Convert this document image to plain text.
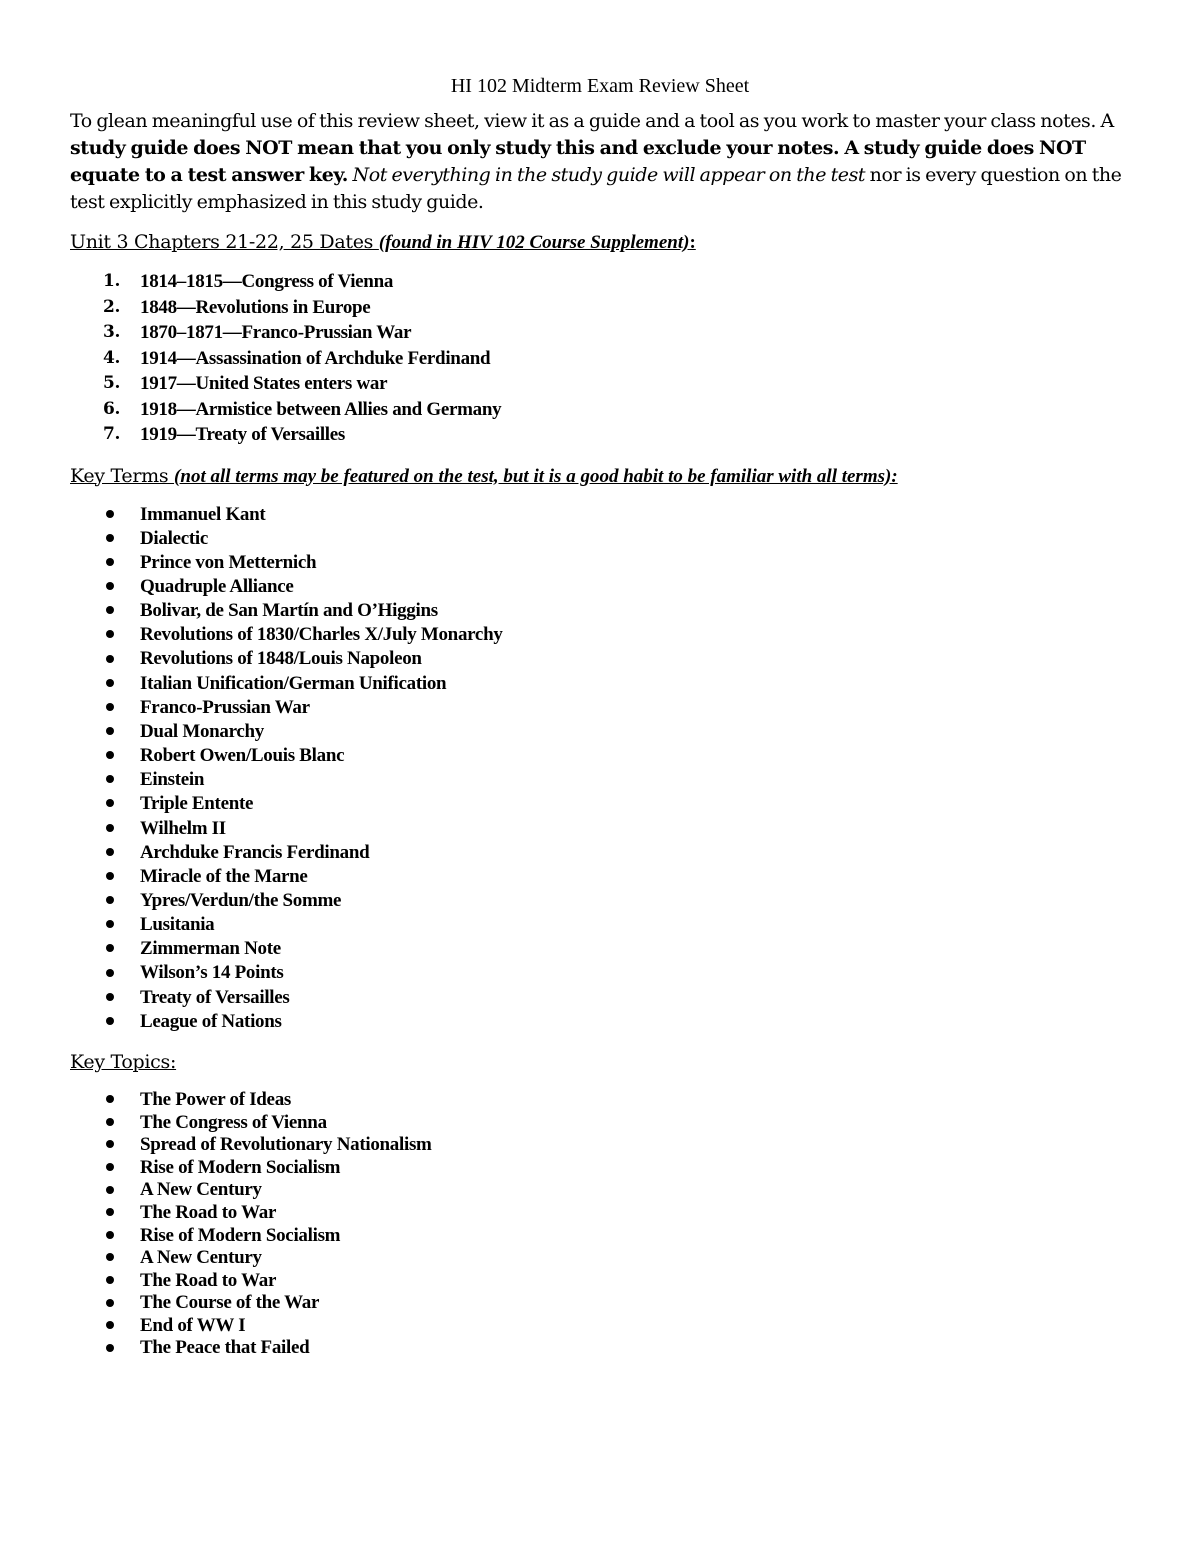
HI 102 Midterm Exam Review Sheet

To glean meaningful use of this review sheet, view it as a guide and a tool as you work to master your class notes. A study guide does NOT mean that you only study this and exclude your notes. A study guide does NOT equate to a test answer key. Not everything in the study guide will appear on the test nor is every question on the test explicitly emphasized in this study guide.

Unit 3 Chapters 21-22, 25 Dates (found in HIV 102 Course Supplement):
1. 1814–1815—Congress of Vienna
2. 1848—Revolutions in Europe
3. 1870–1871—Franco-Prussian War
4. 1914—Assassination of Archduke Ferdinand
5. 1917—United States enters war
6. 1918—Armistice between Allies and Germany
7. 1919—Treaty of Versailles
Key Terms (not all terms may be featured on the test, but it is a good habit to be familiar with all terms):
Immanuel Kant
Dialectic
Prince von Metternich
Quadruple Alliance
Bolivar, de San Martín and O’Higgins
Revolutions of 1830/Charles X/July Monarchy
Revolutions of 1848/Louis Napoleon
Italian Unification/German Unification
Franco-Prussian War
Dual Monarchy
Robert Owen/Louis Blanc
Einstein
Triple Entente
Wilhelm II
Archduke Francis Ferdinand
Miracle of the Marne
Ypres/Verdun/the Somme
Lusitania
Zimmerman Note
Wilson’s 14 Points
Treaty of Versailles
League of Nations
Key Topics:
The Power of Ideas
The Congress of Vienna
Spread of Revolutionary Nationalism
Rise of Modern Socialism
A New Century
The Road to War
Rise of Modern Socialism
A New Century
The Road to War
The Course of the War
End of WW I
The Peace that Failed
